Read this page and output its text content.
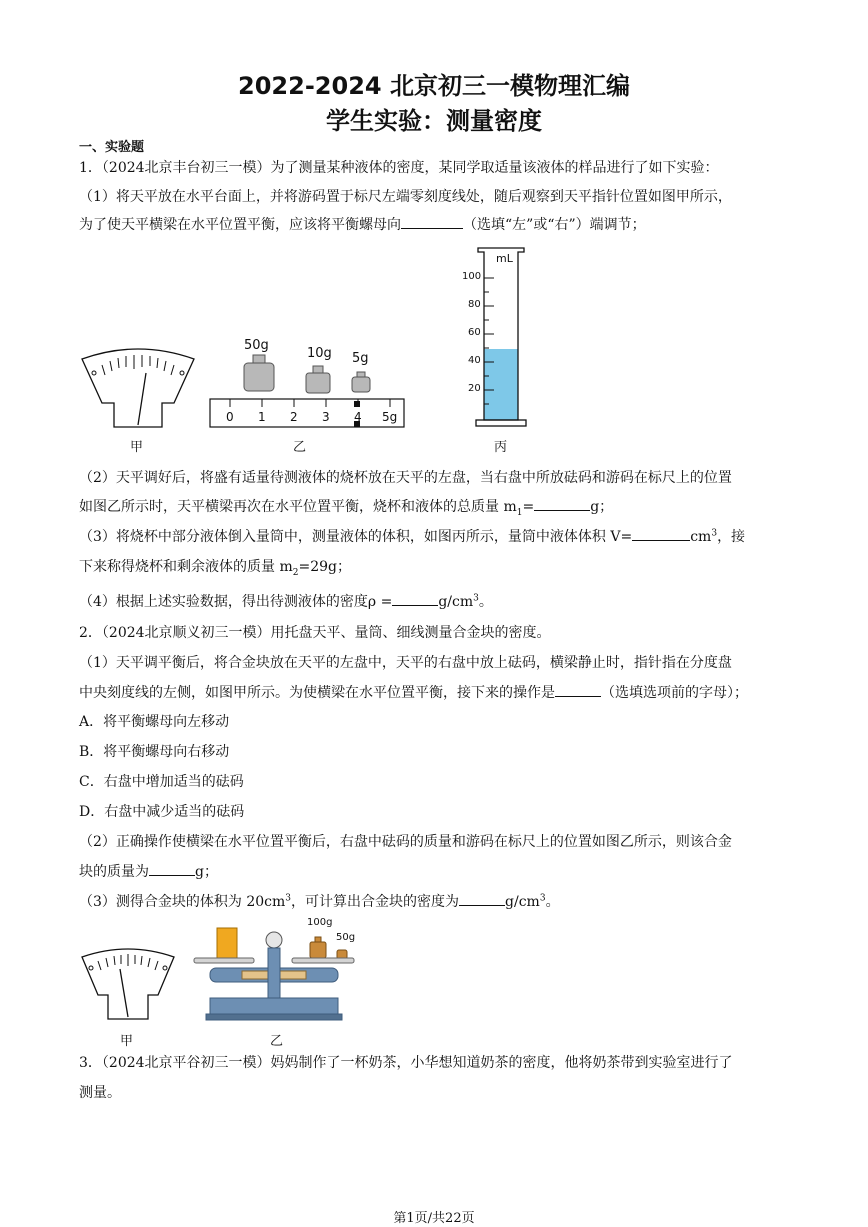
2022-2024 北京初三一模物理汇编
学生实验：测量密度
一、实验题
1．（2024北京丰台初三一模）为了测量某种液体的密度，某同学取适量该液体的样品进行了如下实验：
（1）将天平放在水平台面上，并将游码置于标尺左端零刻度线处，随后观察到天平指针位置如图甲所示，
为了使天平横梁在水平位置平衡，应该将平衡螺母向	（选填“左”或“右”）端调节；
甲
50g
10g 5g
0 1 2 3 4 5g
乙
mL
100
80
60
40
20
丙
（2）天平调好后，将盛有适量待测液体的烧杯放在天平的左盘，当右盘中所放砝码和游码在标尺上的位置
如图乙所示时，天平横梁再次在水平位置平衡，烧杯和液体的总质量 $m_1=$	g；
（3）将烧杯中部分液体倒入量筒中，测量液体的体积，如图丙所示，量筒中液体体积 V=	$cm^3$，接
下来称得烧杯和剩余液体的质量 $m_2=29g$；
（4）根据上述实验数据，得出待测液体的密度ρ =	$g/cm^3$。
2．（2024北京顺义初三一模）用托盘天平、量筒、细线测量合金块的密度。
（1）天平调平衡后，将合金块放在天平的左盘中，天平的右盘中放上砝码，横梁静止时，指针指在分度盘
中央刻度线的左侧，如图甲所示。为使横梁在水平位置平衡，接下来的操作是	（选填选项前的字母）；
A．将平衡螺母向左移动
B．将平衡螺母向右移动
C．右盘中增加适当的砝码
D．右盘中减少适当的砝码
（2）正确操作使横梁在水平位置平衡后，右盘中砝码的质量和游码在标尺上的位置如图乙所示，则该合金
块的质量为	g；
（3）测得合金块的体积为 $20cm^3$，可计算出合金块的密度为	$g/cm^3$。
甲
100g
50g
乙
3．（2024北京平谷初三一模）妈妈制作了一杯奶茶，小华想知道奶茶的密度，他将奶茶带到实验室进行了
测量。
第1页/共22页
